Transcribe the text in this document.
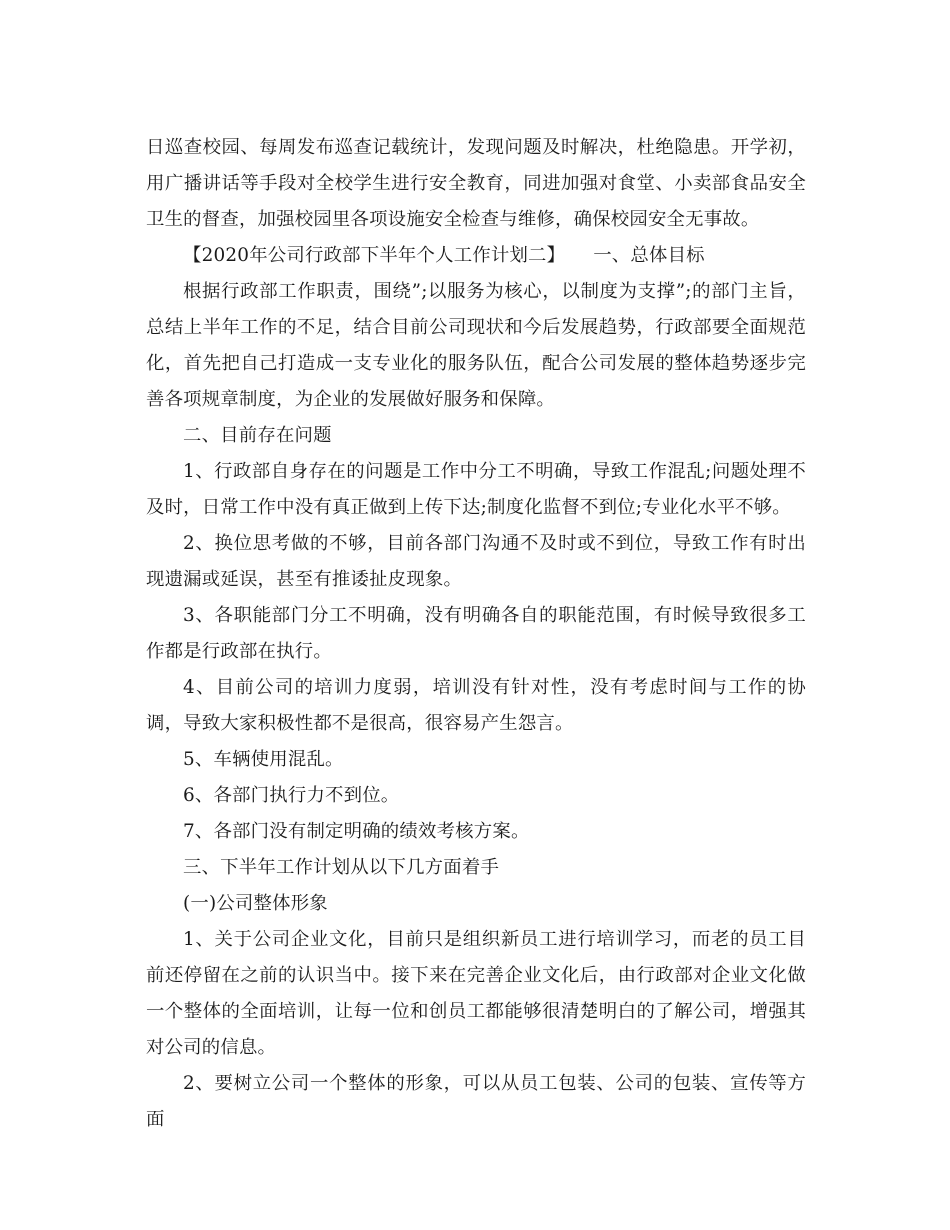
日巡查校园、每周发布巡查记载统计，发现问题及时解决，杜绝隐患。开学初，用广播讲话等手段对全校学生进行安全教育，同进加强对食堂、小卖部食品安全卫生的督查，加强校园里各项设施安全检查与维修，确保校园安全无事故。

【2020年公司行政部下半年个人工作计划二】　　一、总体目标

根据行政部工作职责，围绕”;以服务为核心，以制度为支撑”;的部门主旨，总结上半年工作的不足，结合目前公司现状和今后发展趋势，行政部要全面规范化，首先把自己打造成一支专业化的服务队伍，配合公司发展的整体趋势逐步完善各项规章制度，为企业的发展做好服务和保障。

二、目前存在问题

1、行政部自身存在的问题是工作中分工不明确，导致工作混乱;问题处理不及时，日常工作中没有真正做到上传下达;制度化监督不到位;专业化水平不够。

2、换位思考做的不够，目前各部门沟通不及时或不到位，导致工作有时出现遗漏或延误，甚至有推诿扯皮现象。

3、各职能部门分工不明确，没有明确各自的职能范围，有时候导致很多工作都是行政部在执行。

4、目前公司的培训力度弱，培训没有针对性，没有考虑时间与工作的协调，导致大家积极性都不是很高，很容易产生怨言。

5、车辆使用混乱。

6、各部门执行力不到位。

7、各部门没有制定明确的绩效考核方案。

三、下半年工作计划从以下几方面着手

(一)公司整体形象

1、关于公司企业文化，目前只是组织新员工进行培训学习，而老的员工目前还停留在之前的认识当中。接下来在完善企业文化后，由行政部对企业文化做一个整体的全面培训，让每一位和创员工都能够很清楚明白的了解公司，增强其对公司的信息。

2、要树立公司一个整体的形象，可以从员工包装、公司的包装、宣传等方面
